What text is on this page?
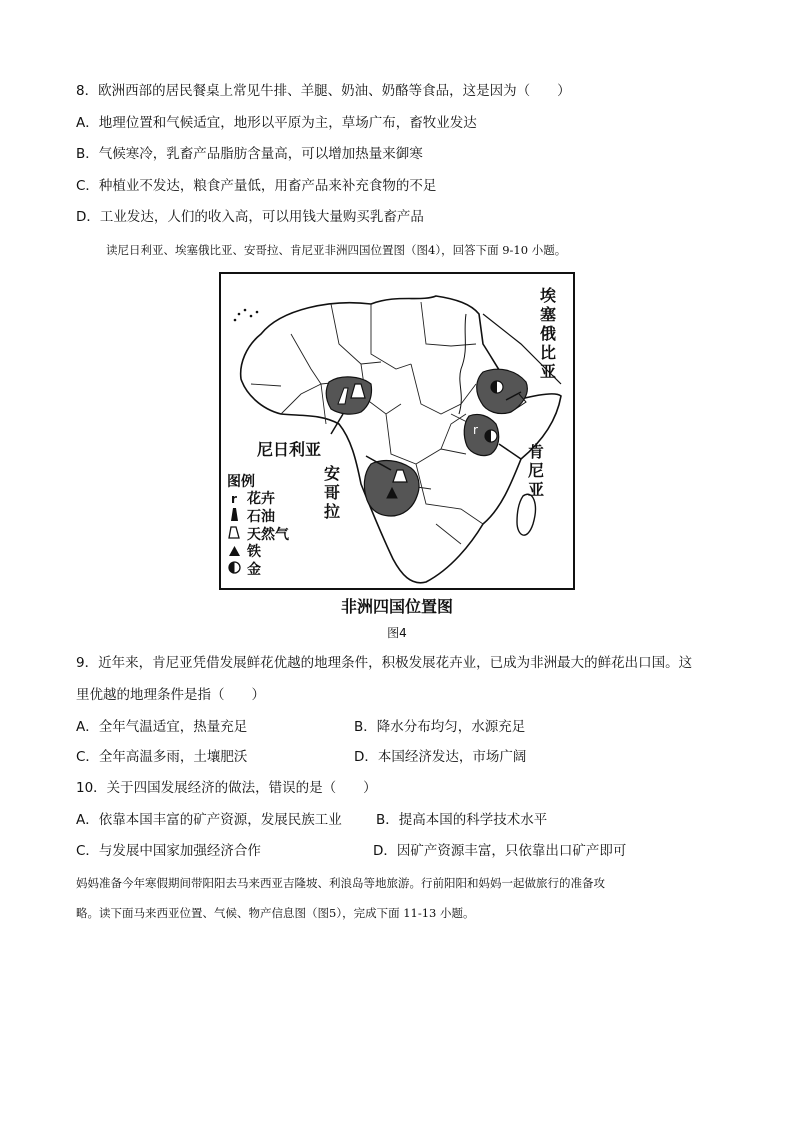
8．欧洲西部的居民餐桌上常见牛排、羊腿、奶油、奶酪等食品，这是因为（　　）
A．地理位置和气候适宜，地形以平原为主，草场广布，畜牧业发达
B．气候寒冷，乳畜产品脂肪含量高，可以增加热量来御寒
C．种植业不发达，粮食产量低，用畜产品来补充食物的不足
D．工业发达，人们的收入高，可以用钱大量购买乳畜产品
读尼日利亚、埃塞俄比亚、安哥拉、肯尼亚非洲四国位置图（图4），回答下面 9-10 小题。
r
埃
塞
俄
比
亚
尼日利亚
安
哥
拉
肯
尼
亚
图例
r 花卉
石油
天然气
铁
金
非洲四国位置图
图4
9．近年来，肯尼亚凭借发展鲜花优越的地理条件，积极发展花卉业，已成为非洲最大的鲜花出口国。这
里优越的地理条件是指（　　）
A．全年气温适宜，热量充足	B．降水分布均匀，水源充足
C．全年高温多雨，土壤肥沃	D．本国经济发达，市场广阔
10．关于四国发展经济的做法，错误的是（　　）
A．依靠本国丰富的矿产资源，发展民族工业	B．提高本国的科学技术水平
C．与发展中国家加强经济合作	D．因矿产资源丰富，只依靠出口矿产即可
妈妈准备今年寒假期间带阳阳去马来西亚吉隆坡、利浪岛等地旅游。行前阳阳和妈妈一起做旅行的准备攻
略。读下面马来西亚位置、气候、物产信息图（图5），完成下面 11-13 小题。
